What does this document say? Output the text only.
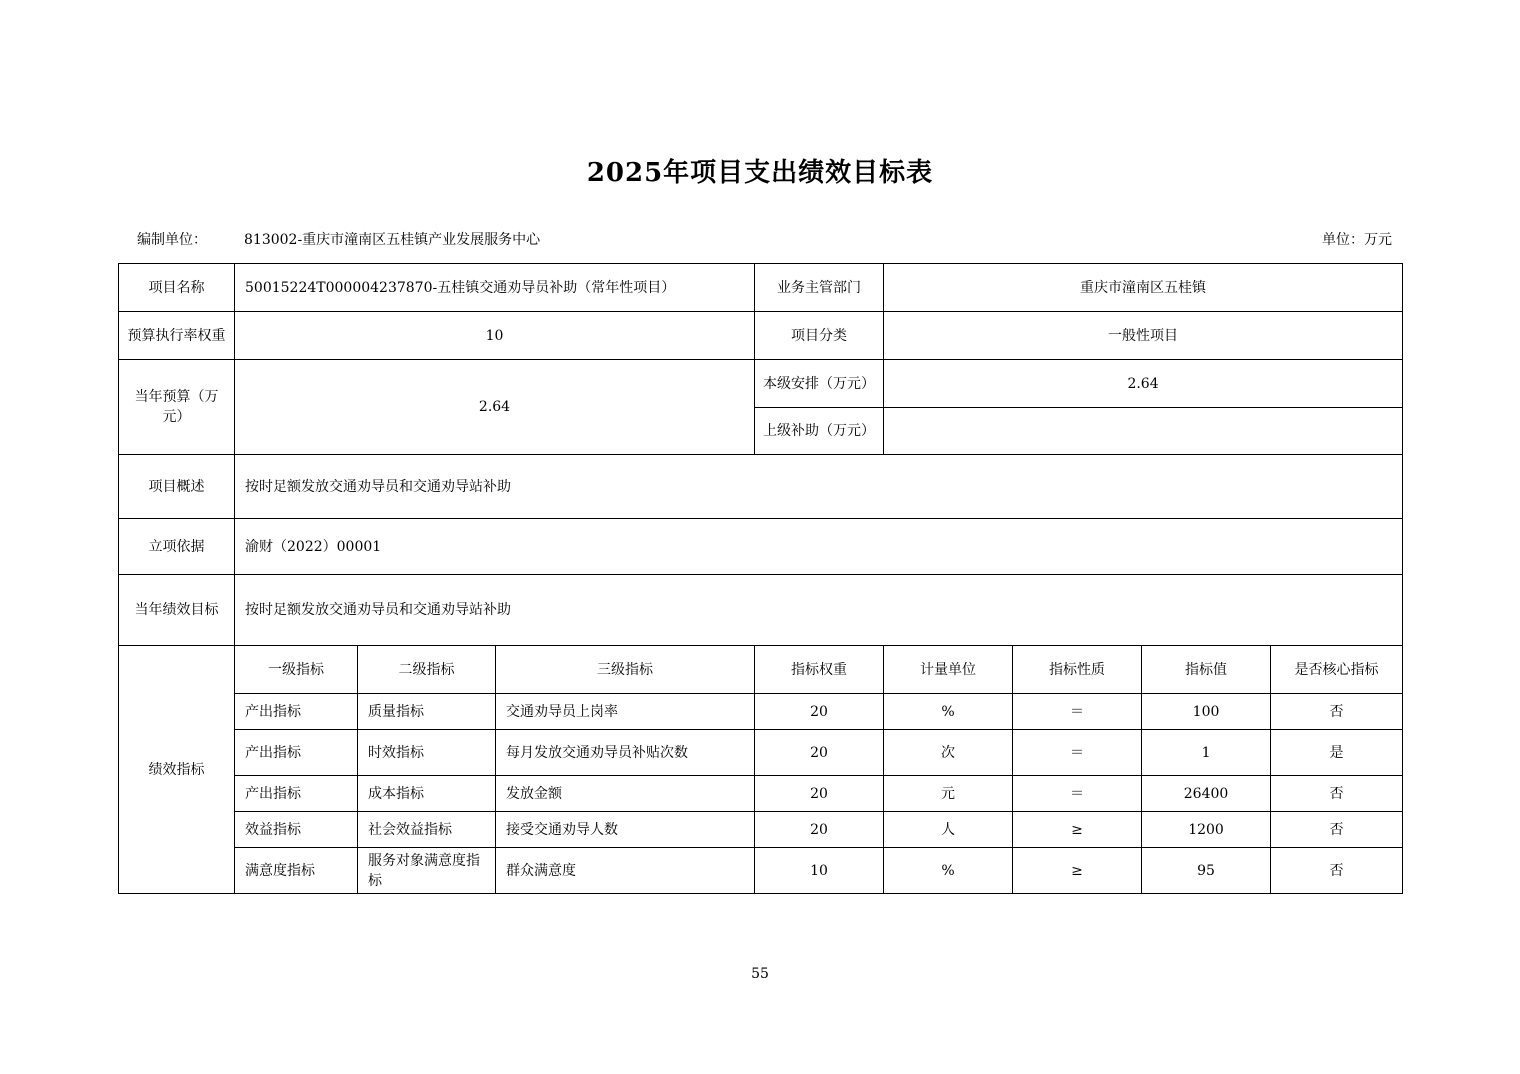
2025年项目支出绩效目标表
编制单位：	813002-重庆市潼南区五桂镇产业发展服务中心	单位：万元
项目名称	50015224T000004237870-五桂镇交通劝导员补助（常年性项目）			业务主管部门	重庆市潼南区五桂镇			
预算执行率权重	10			项目分类	一般性项目			
当年预算（万元）	2.64			本级安排（万元）	2.64			
				上级补助（万元）				
项目概述	按时足额发放交通劝导员和交通劝导站补助							
立项依据	渝财（2022）00001							
当年绩效目标	按时足额发放交通劝导员和交通劝导站补助							
绩效指标	一级指标	二级指标	三级指标	指标权重	计量单位	指标性质	指标值	是否核心指标
	产出指标	质量指标	交通劝导员上岗率	20	%	＝	100	否
	产出指标	时效指标	每月发放交通劝导员补贴次数	20	次	＝	1	是
	产出指标	成本指标	发放金额	20	元	＝	26400	否
	效益指标	社会效益指标	接受交通劝导人数	20	人	≥	1200	否
	满意度指标	服务对象满意度指标	群众满意度	10	%	≥	95	否
55
